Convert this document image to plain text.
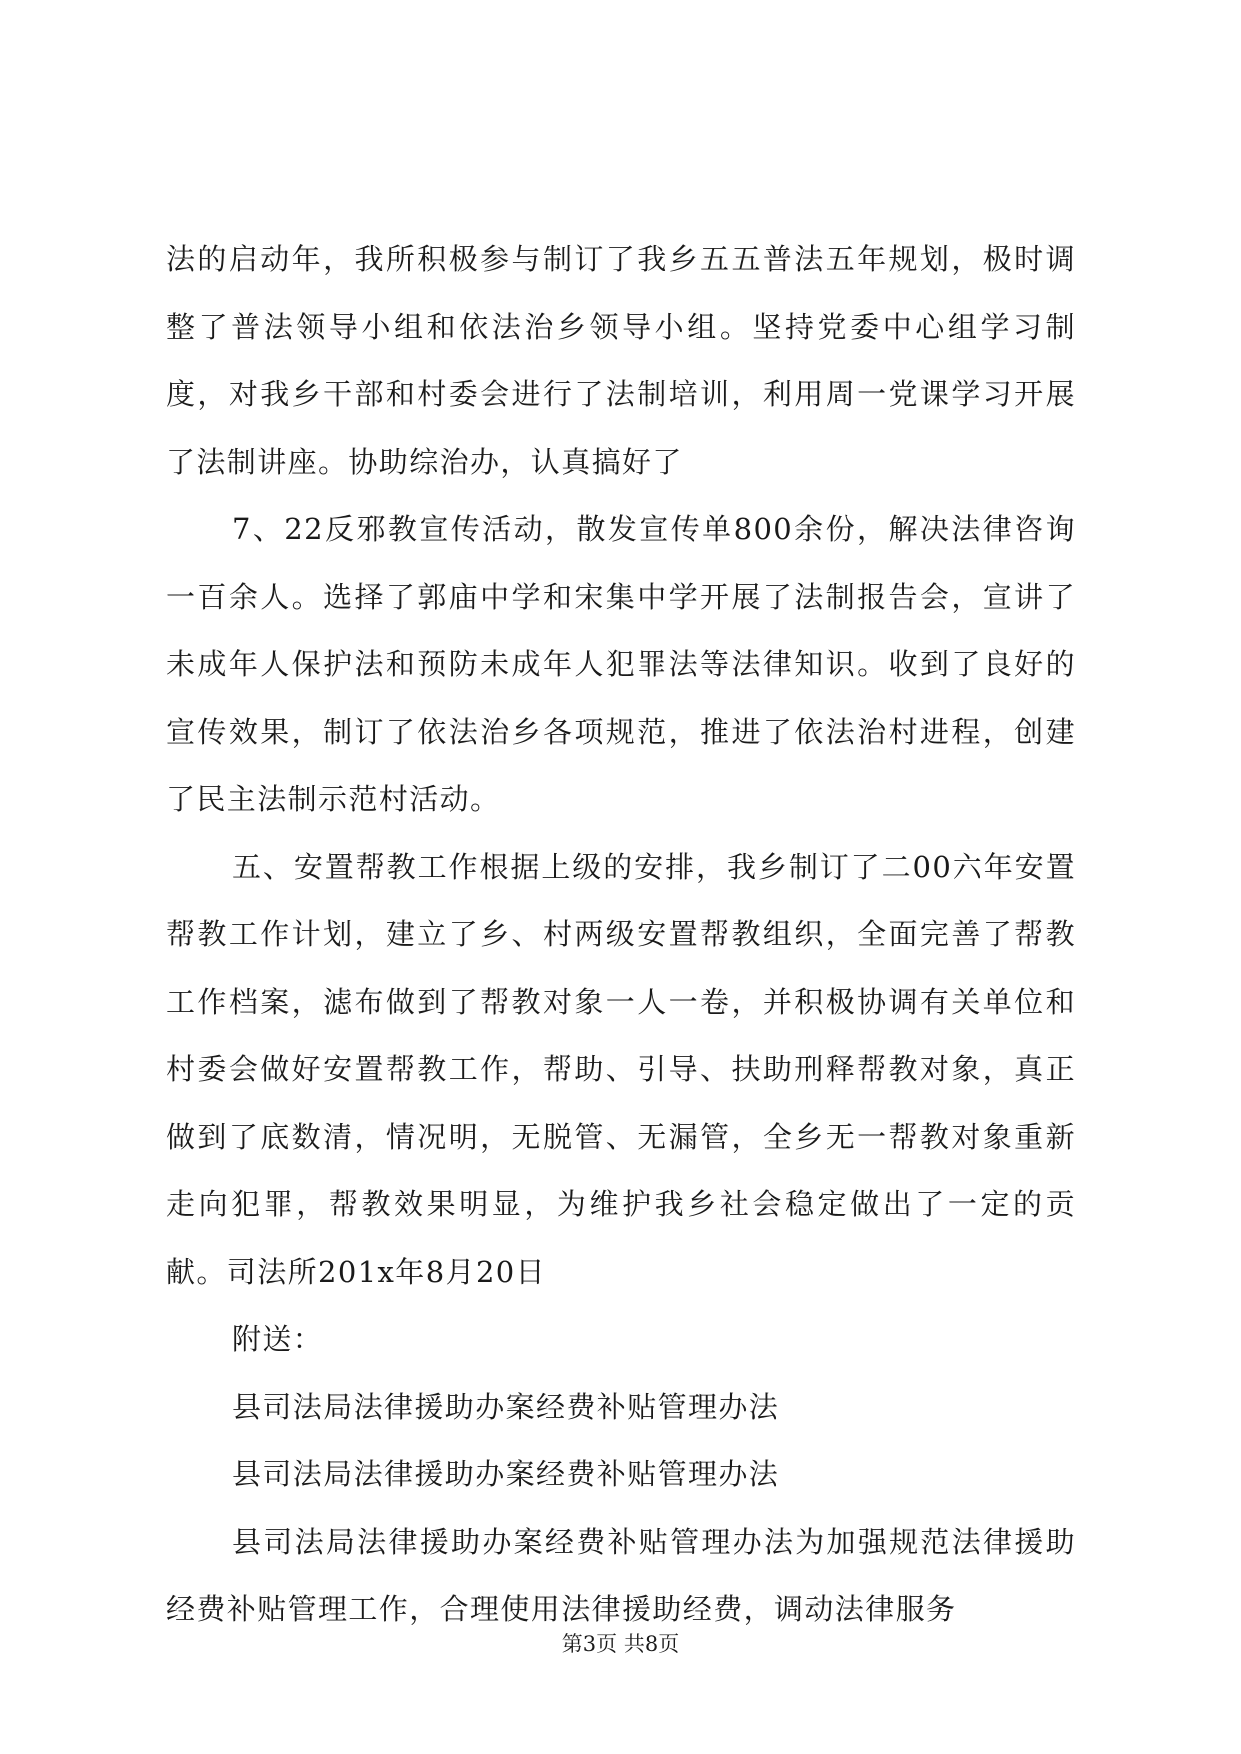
法的启动年，我所积极参与制订了我乡五五普法五年规划，极时调整了普法领导小组和依法治乡领导小组。坚持党委中心组学习制度，对我乡干部和村委会进行了法制培训，利用周一党课学习开展了法制讲座。协助综治办，认真搞好了

7、22反邪教宣传活动，散发宣传单800余份，解决法律咨询一百余人。选择了郭庙中学和宋集中学开展了法制报告会，宣讲了未成年人保护法和预防未成年人犯罪法等法律知识。收到了良好的宣传效果，制订了依法治乡各项规范，推进了依法治村进程，创建了民主法制示范村活动。

五、安置帮教工作根据上级的安排，我乡制订了二00六年安置帮教工作计划，建立了乡、村两级安置帮教组织，全面完善了帮教工作档案，滤布做到了帮教对象一人一卷，并积极协调有关单位和村委会做好安置帮教工作，帮助、引导、扶助刑释帮教对象，真正做到了底数清，情况明，无脱管、无漏管，全乡无一帮教对象重新走向犯罪，帮教效果明显，为维护我乡社会稳定做出了一定的贡献。司法所201x年8月20日

附送：

县司法局法律援助办案经费补贴管理办法

县司法局法律援助办案经费补贴管理办法

县司法局法律援助办案经费补贴管理办法为加强规范法律援助经费补贴管理工作，合理使用法律援助经费，调动法律服务

第3页 共8页
